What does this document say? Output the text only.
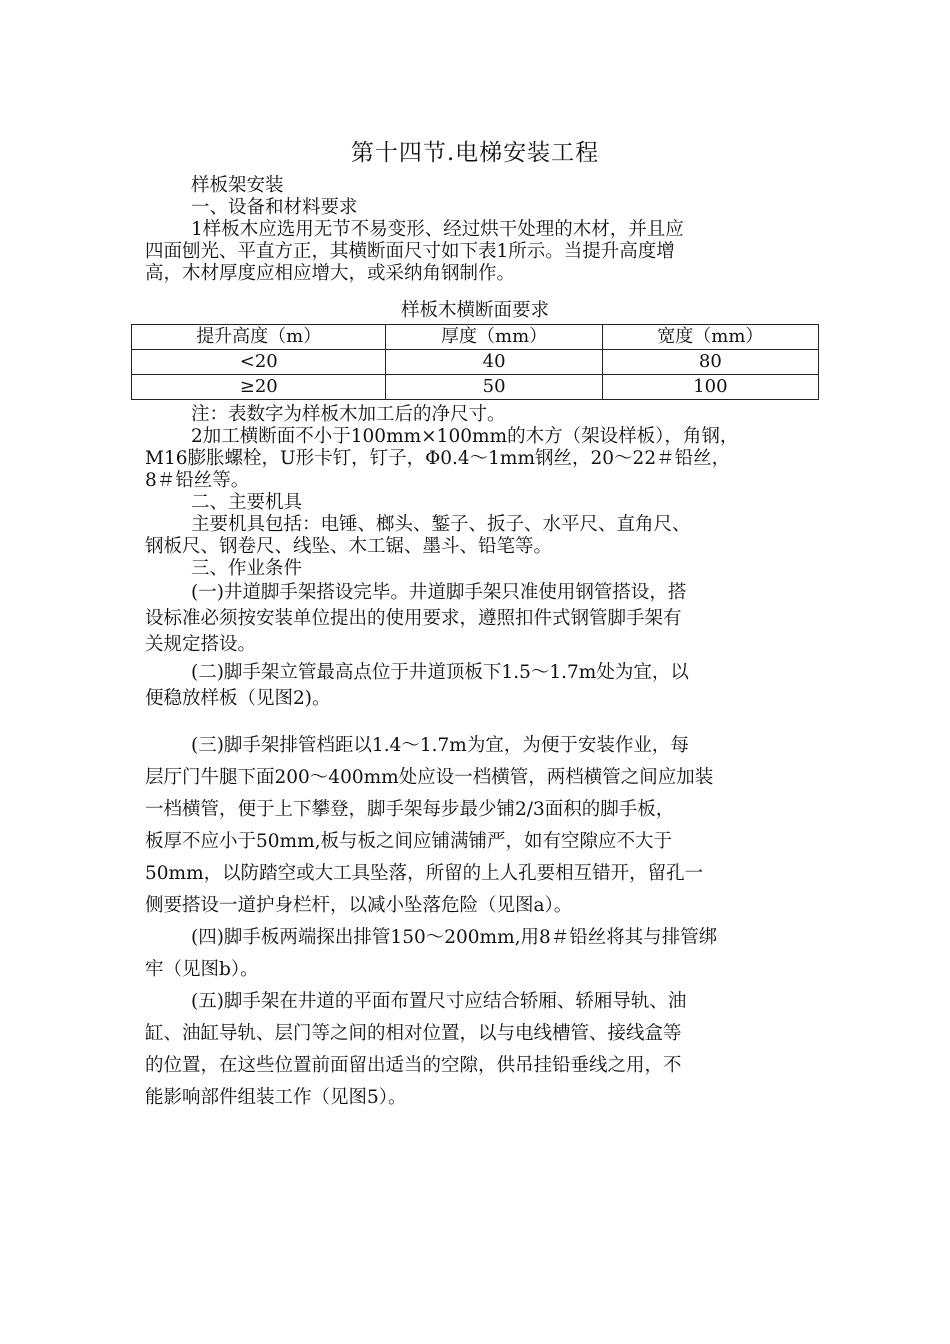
第十四节.电梯安装工程
样板架安装
一、设备和材料要求
1样板木应选用无节不易变形、经过烘干处理的木材，并且应
四面刨光、平直方正，其横断面尺寸如下表1所示。当提升高度增
高，木材厚度应相应增大，或采纳角钢制作。
样板木横断面要求
提升高度（m）	厚度（mm）	宽度（mm）
<20	40	80
≥20	50	100
注：表数字为样板木加工后的净尺寸。
2加工横断面不小于100mm×100mm的木方（架设样板），角钢，
M16膨胀螺栓，U形卡钉，钉子，Φ0.4～1mm钢丝，20～22＃铅丝，
8＃铅丝等。
二、主要机具
主要机具包括：电锤、榔头、錾子、扳子、水平尺、直角尺、
钢板尺、钢卷尺、线坠、木工锯、墨斗、铅笔等。
三、作业条件
(一)井道脚手架搭设完毕。井道脚手架只准使用钢管搭设，搭
设标准必须按安装单位提出的使用要求，遵照扣件式钢管脚手架有
关规定搭设。
(二)脚手架立管最高点位于井道顶板下1.5～1.7m处为宜，以
便稳放样板（见图2)。
(三)脚手架排管档距以1.4～1.7m为宜，为便于安装作业，每
层厅门牛腿下面200～400mm处应设一档横管，两档横管之间应加装
一档横管，便于上下攀登，脚手架每步最少铺2/3面积的脚手板，
板厚不应小于50mm,板与板之间应铺满铺严，如有空隙应不大于
50mm，以防踏空或大工具坠落，所留的上人孔要相互错开，留孔一
侧要搭设一道护身栏杆，以减小坠落危险（见图a）。
(四)脚手板两端探出排管150～200mm,用8＃铅丝将其与排管绑
牢（见图b）。
(五)脚手架在井道的平面布置尺寸应结合轿厢、轿厢导轨、油
缸、油缸导轨、层门等之间的相对位置，以与电线槽管、接线盒等
的位置，在这些位置前面留出适当的空隙，供吊挂铅垂线之用，不
能影响部件组装工作（见图5）。
